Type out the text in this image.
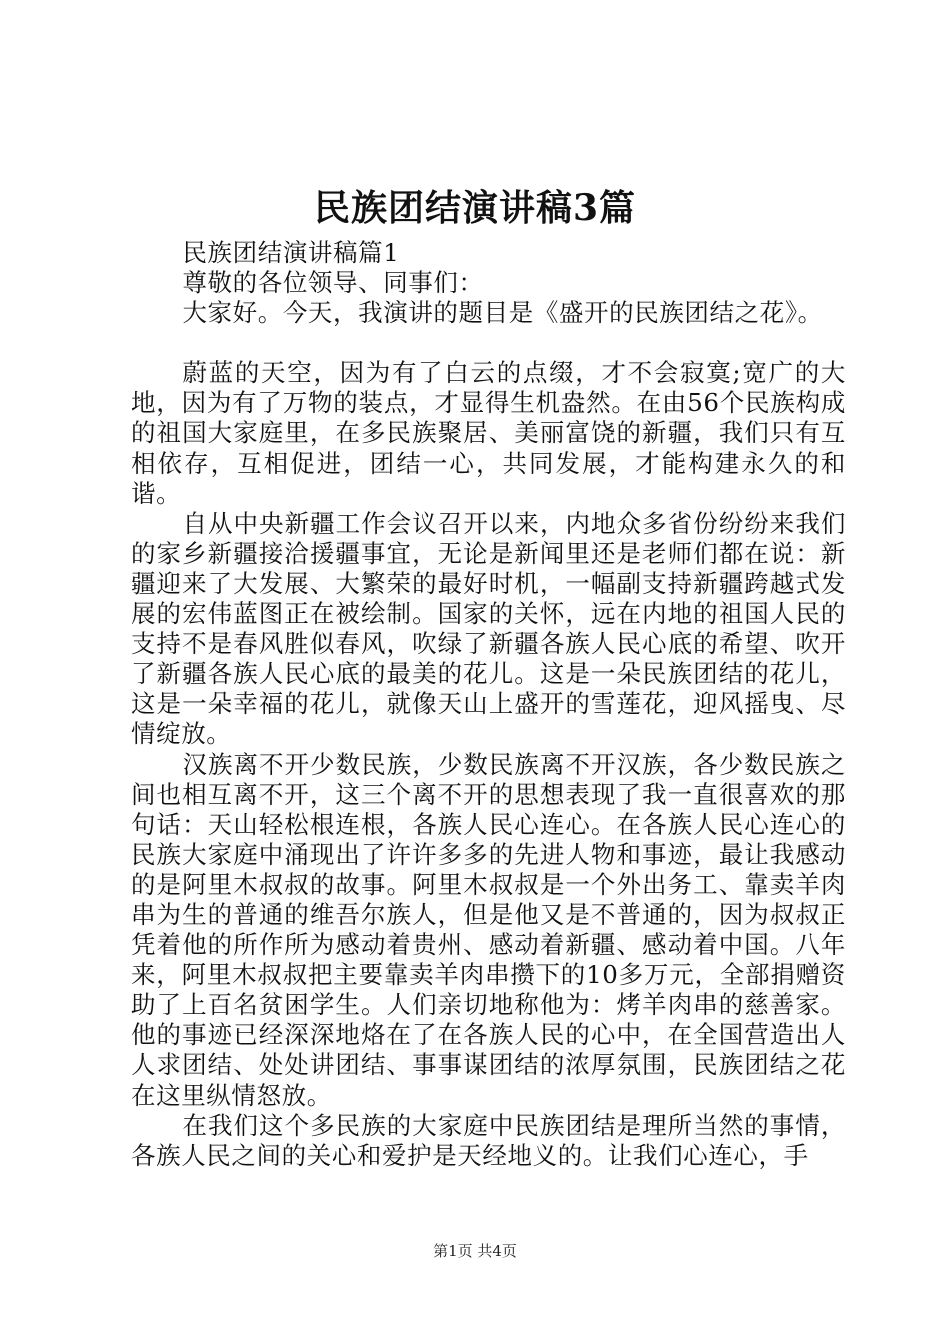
民族团结演讲稿3篇

民族团结演讲稿篇1

尊敬的各位领导、同事们：

大家好。今天，我演讲的题目是《盛开的民族团结之花》。

蔚蓝的天空，因为有了白云的点缀，才不会寂寞;宽广的大地，因为有了万物的装点，才显得生机盎然。在由56个民族构成的祖国大家庭里，在多民族聚居、美丽富饶的新疆，我们只有互相依存，互相促进，团结一心，共同发展，才能构建永久的和谐。

自从中央新疆工作会议召开以来，内地众多省份纷纷来我们的家乡新疆接洽援疆事宜，无论是新闻里还是老师们都在说：新疆迎来了大发展、大繁荣的最好时机，一幅副支持新疆跨越式发展的宏伟蓝图正在被绘制。国家的关怀，远在内地的祖国人民的支持不是春风胜似春风，吹绿了新疆各族人民心底的希望、吹开了新疆各族人民心底的最美的花儿。这是一朵民族团结的花儿，这是一朵幸福的花儿，就像天山上盛开的雪莲花，迎风摇曳、尽情绽放。

汉族离不开少数民族，少数民族离不开汉族，各少数民族之间也相互离不开，这三个离不开的思想表现了我一直很喜欢的那句话：天山轻松根连根，各族人民心连心。在各族人民心连心的民族大家庭中涌现出了许许多多的先进人物和事迹，最让我感动的是阿里木叔叔的故事。阿里木叔叔是一个外出务工、靠卖羊肉串为生的普通的维吾尔族人，但是他又是不普通的，因为叔叔正凭着他的所作所为感动着贵州、感动着新疆、感动着中国。八年来，阿里木叔叔把主要靠卖羊肉串攒下的10多万元，全部捐赠资助了上百名贫困学生。人们亲切地称他为：烤羊肉串的慈善家。他的事迹已经深深地烙在了在各族人民的心中，在全国营造出人人求团结、处处讲团结、事事谋团结的浓厚氛围，民族团结之花在这里纵情怒放。

在我们这个多民族的大家庭中民族团结是理所当然的事情，各族人民之间的关心和爱护是天经地义的。让我们心连心，手

第1页 共4页
